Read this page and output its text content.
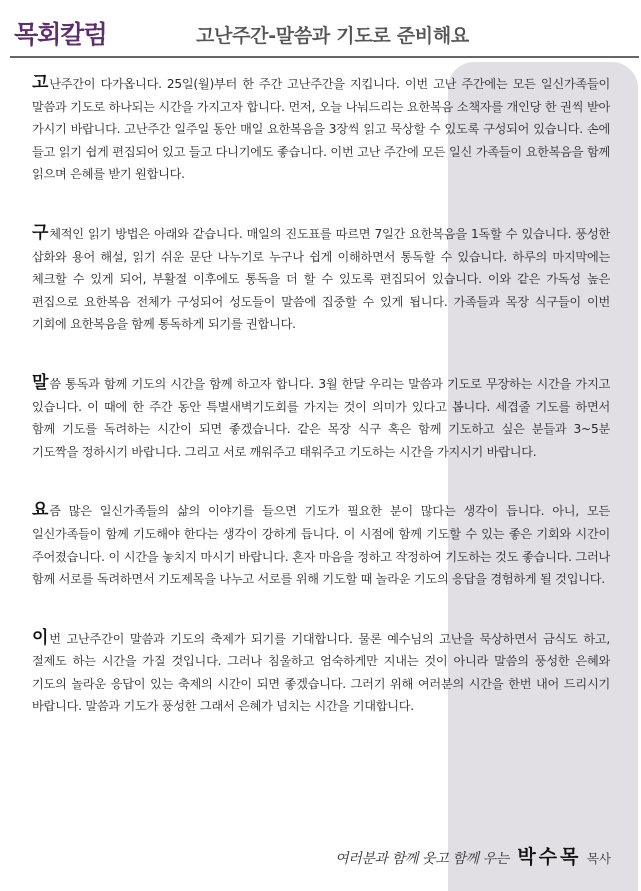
목회칼럼	고난주간-말씀과 기도로 준비해요

고난주간이 다가옵니다. 25일(월)부터 한 주간 고난주간을 지킵니다. 이번 고난 주간에는 모든 일신가족들이 말씀과 기도로 하나되는 시간을 가지고자 합니다. 먼저, 오늘 나눠드리는 요한복음 소책자를 개인당 한 권씩 받아 가시기 바랍니다. 고난주간 일주일 동안 매일 요한복음을 3장씩 읽고 묵상할 수 있도록 구성되어 있습니다. 손에 들고 읽기 쉽게 편집되어 있고 들고 다니기에도 좋습니다. 이번 고난 주간에 모든 일신 가족들이 요한복음을 함께 읽으며 은혜를 받기 원합니다.

구체적인 읽기 방법은 아래와 같습니다. 매일의 진도표를 따르면 7일간 요한복음을 1독할 수 있습니다. 풍성한 삽화와 용어 해설, 읽기 쉬운 문단 나누기로 누구나 쉽게 이해하면서 통독할 수 있습니다. 하루의 마지막에는 체크할 수 있게 되어, 부활절 이후에도 통독을 더 할 수 있도록 편집되어 있습니다. 이와 같은 가독성 높은 편집으로 요한복음 전체가 구성되어 성도들이 말씀에 집중할 수 있게 됩니다. 가족들과 목장 식구들이 이번 기회에 요한복음을 함께 통독하게 되기를 권합니다.

말씀 통독과 함께 기도의 시간을 함께 하고자 합니다. 3월 한달 우리는 말씀과 기도로 무장하는 시간을 가지고 있습니다. 이 때에 한 주간 동안 특별새벽기도회를 가지는 것이 의미가 있다고 봅니다. 세겹줄 기도를 하면서 함께 기도를 독려하는 시간이 되면 좋겠습니다. 같은 목장 식구 혹은 함께 기도하고 싶은 분들과 3~5분 기도짝을 정하시기 바랍니다. 그리고 서로 깨워주고 태워주고 기도하는 시간을 가지시기 바랍니다.

요즘 많은 일신가족들의 삶의 이야기를 들으면 기도가 필요한 분이 많다는 생각이 듭니다. 아니, 모든 일신가족들이 함께 기도해야 한다는 생각이 강하게 듭니다. 이 시점에 함께 기도할 수 있는 좋은 기회와 시간이 주어졌습니다. 이 시간을 놓치지 마시기 바랍니다. 혼자 마음을 정하고 작정하여 기도하는 것도 좋습니다. 그러나 함께 서로를 독려하면서 기도제목을 나누고 서로를 위해 기도할 때 놀라운 기도의 응답을 경험하게 될 것입니다.

이번 고난주간이 말씀과 기도의 축제가 되기를 기대합니다. 물론 예수님의 고난을 묵상하면서 금식도 하고, 절제도 하는 시간을 가질 것입니다. 그러나 침울하고 엄숙하게만 지내는 것이 아니라 말씀의 풍성한 은혜와 기도의 놀라운 응답이 있는 축제의 시간이 되면 좋겠습니다. 그러기 위해 여러분의 시간을 한번 내어 드리시기 바랍니다. 말씀과 기도가 풍성한 그래서 은혜가 넘치는 시간을 기대합니다.

여러분과 함께 웃고 함께 우는 박수목 목사
